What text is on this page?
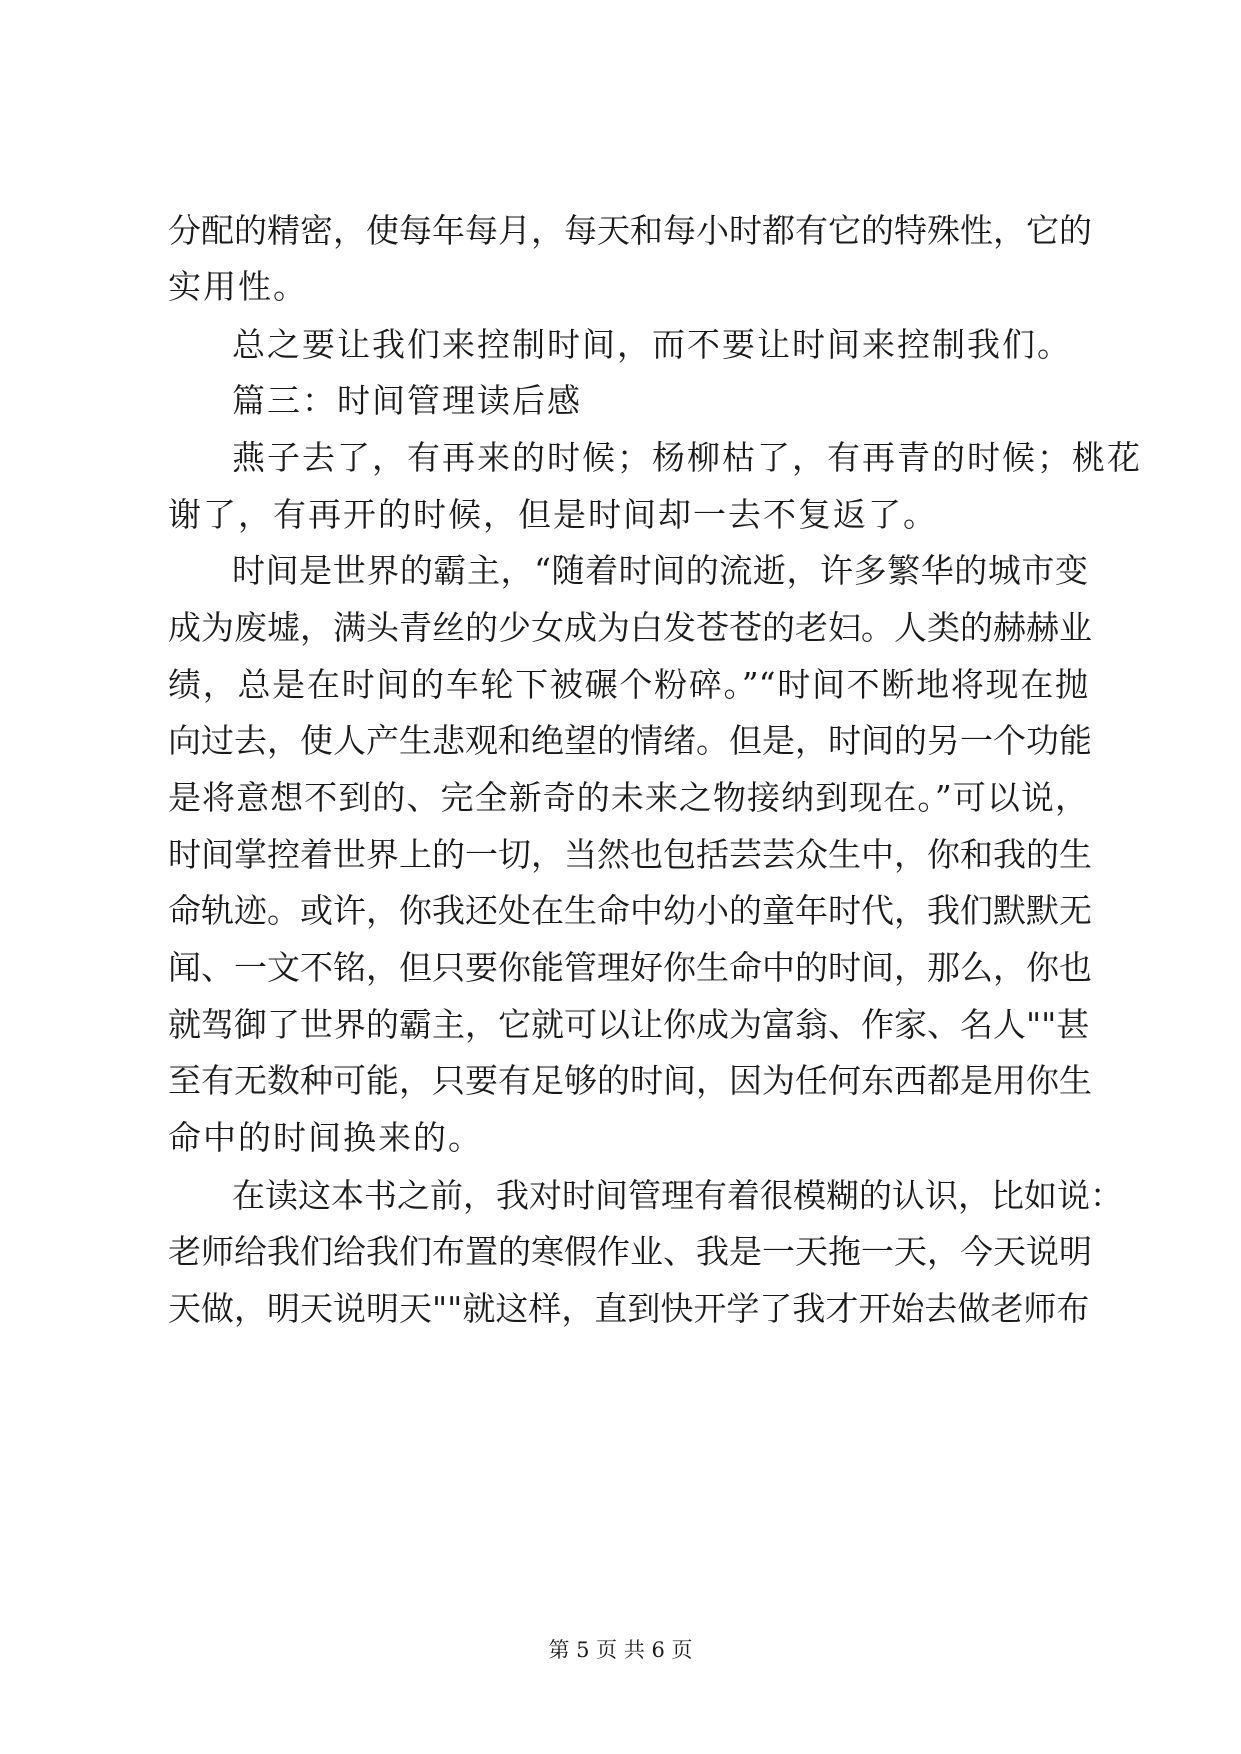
分配的精密，使每年每月，每天和每小时都有它的特殊性，它的
实用性。
总之要让我们来控制时间，而不要让时间来控制我们。
篇三：时间管理读后感
燕子去了，有再来的时候；杨柳枯了，有再青的时候；桃花
谢了，有再开的时候，但是时间却一去不复返了。
时间是世界的霸主，“随着时间的流逝，许多繁华的城市变
成为废墟，满头青丝的少女成为白发苍苍的老妇。人类的赫赫业
绩，总是在时间的车轮下被碾个粉碎。”“时间不断地将现在抛
向过去，使人产生悲观和绝望的情绪。但是，时间的另一个功能
是将意想不到的、完全新奇的未来之物接纳到现在。”可以说，
时间掌控着世界上的一切，当然也包括芸芸众生中，你和我的生
命轨迹。或许，你我还处在生命中幼小的童年时代，我们默默无
闻、一文不铭，但只要你能管理好你生命中的时间，那么，你也
就驾御了世界的霸主，它就可以让你成为富翁、作家、名人""甚
至有无数种可能，只要有足够的时间，因为任何东西都是用你生
命中的时间换来的。
在读这本书之前，我对时间管理有着很模糊的认识，比如说：
老师给我们给我们布置的寒假作业、我是一天拖一天，今天说明
天做，明天说明天""就这样，直到快开学了我才开始去做老师布
第 5 页 共 6 页
